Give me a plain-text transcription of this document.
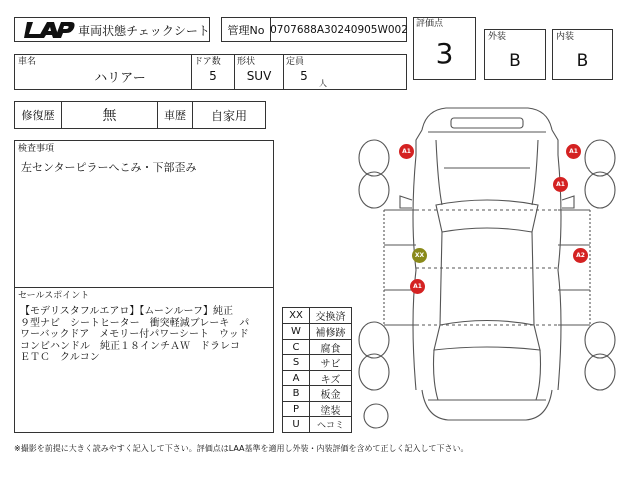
車両状態チェックシート	管理No 0707688A30240905W002 評価点
3	外装
B
内装
B
車名
ハリアー
ドア数
5
形状
SUV
定員
5
人
修復歴	無	車歴	自家用
検査事項
左センターピラーへこみ・下部歪み
セールスポイント
【モデリスタフルエアロ】【ムーンルーフ】純正
９型ナビ　シートヒーター　衝突軽減ブレーキ　パ
ワーバックドア　メモリー付パワーシート　ウッド
コンビハンドル　純正１８インチＡＷ　ドラレコ
ＥＴＣ　クルコン
XX	交換済
W	補修跡
C	腐食
S	サビ
A	キズ
B	板金
P	塗装
U	ヘコミ
A1	A1
A1
XX	A2
A1
※撮影を前提に大きく読みやすく記入して下さい。評価点はLAA基準を適用し外装・内装評価を含めて正しく記入して下さい。
